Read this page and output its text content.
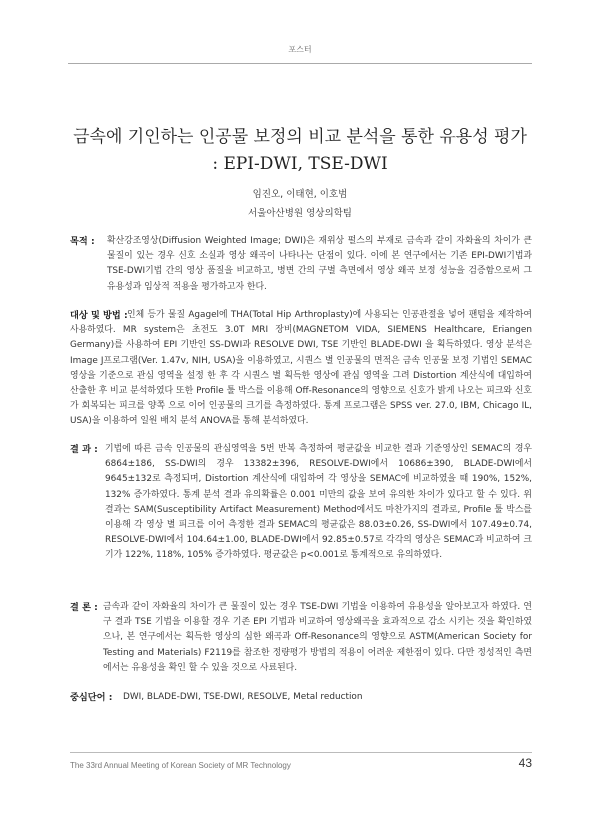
포스터
금속에 기인하는 인공물 보정의 비교 분석을 통한 유용성 평가
: EPI-DWI, TSE-DWI
임진오, 이태현, 이호범
서울아산병원 영상의학팀
목적 : 확산강조영상(Diffusion Weighted Image; DWI)은 재위상 펄스의 부재로 금속과 같이 자화율의 차이가 큰 물질이 있는 경우 신호 소실과 영상 왜곡이 나타나는 단점이 있다. 이에 본 연구에서는 기존 EPI-DWI기법과 TSE-DWI기법 간의 영상 품질을 비교하고, 병변 간의 구별 측면에서 영상 왜곡 보정 성능을 검증함으로써 그 유용성과 임상적 적용을 평가하고자 한다.
대상 및 방법 : 인체 등가 물질 Agagel에 THA(Total Hip Arthroplasty)에 사용되는 인공관절을 넣어 팬텀을 제작하여 사용하였다. MR system은 초전도 3.0T MRI 장비(MAGNETOM VIDA, SIEMENS Healthcare, Eriangen Germany)를 사용하여 EPI 기반인 SS-DWI과 RESOLVE DWI, TSE 기반인 BLADE-DWI 을 획득하였다. 영상 분석은 Image J프로그램(Ver. 1.47v, NIH, USA)을 이용하였고, 시퀀스 별 인공물의 면적은 금속 인공물 보정 기법인 SEMAC 영상을 기준으로 관심 영역을 설정 한 후 각 시퀀스 별 획득한 영상에 관심 영역을 그려 Distortion 계산식에 대입하여 산출한 후 비교 분석하였다 또한 Profile 툴 박스를 이용해 Off-Resonance의 영향으로 신호가 밝게 나오는 피크와 신호가 회복되는 피크를 양쪽 으로 이어 인공물의 크기를 측정하였다. 통계 프로그램은 SPSS ver. 27.0, IBM, Chicago IL, USA)을 이용하여 일원 배치 분석 ANOVA를 통해 분석하였다.
결 과 : 기법에 따른 금속 인공물의 관심영역을 5번 반복 측정하여 평균값을 비교한 결과 기준영상인 SEMAC의 경우 6864±186, SS-DWI의 경우 13382±396, RESOLVE-DWI에서 10686±390, BLADE-DWI에서 9645±132로 측정되며, Distortion 계산식에 대입하여 각 영상을 SEMAC에 비교하였을 때 190%, 152%, 132% 증가하였다. 통계 분석 결과 유의확률은 0.001 미만의 값을 보여 유의한 차이가 있다고 할 수 있다. 위 결과는 SAM(Susceptibility Artifact Measurement) Method에서도 마찬가지의 결과로, Profile 툴 박스를 이용해 각 영상 별 피크를 이어 측정한 결과 SEMAC의 평균값은 88.03±0.26, SS-DWI에서 107.49±0.74, RESOLVE-DWI에서 104.64±1.00, BLADE-DWI에서 92.85±0.57로 각각의 영상은 SEMAC과 비교하여 크기가 122%, 118%, 105% 증가하였다. 평균값은 p<0.001로 통계적으로 유의하였다.
결 론 : 금속과 같이 자화율의 차이가 큰 물질이 있는 경우 TSE-DWI 기법을 이용하여 유용성을 알아보고자 하였다. 연구 결과 TSE 기법을 이용할 경우 기존 EPI 기법과 비교하여 영상왜곡을 효과적으로 감소 시키는 것을 확인하였으나, 본 연구에서는 획득한 영상의 심한 왜곡과 Off-Resonance의 영향으로 ASTM(American Society for Testing and Materials) F2119를 참조한 정량평가 방법의 적용이 어려운 제한점이 있다. 다만 정성적인 측면에서는 유용성을 확인 할 수 있을 것으로 사료된다.
중심단어 : DWI, BLADE-DWI, TSE-DWI, RESOLVE, Metal reduction
The 33rd Annual Meeting of Korean Society of MR Technology	43
